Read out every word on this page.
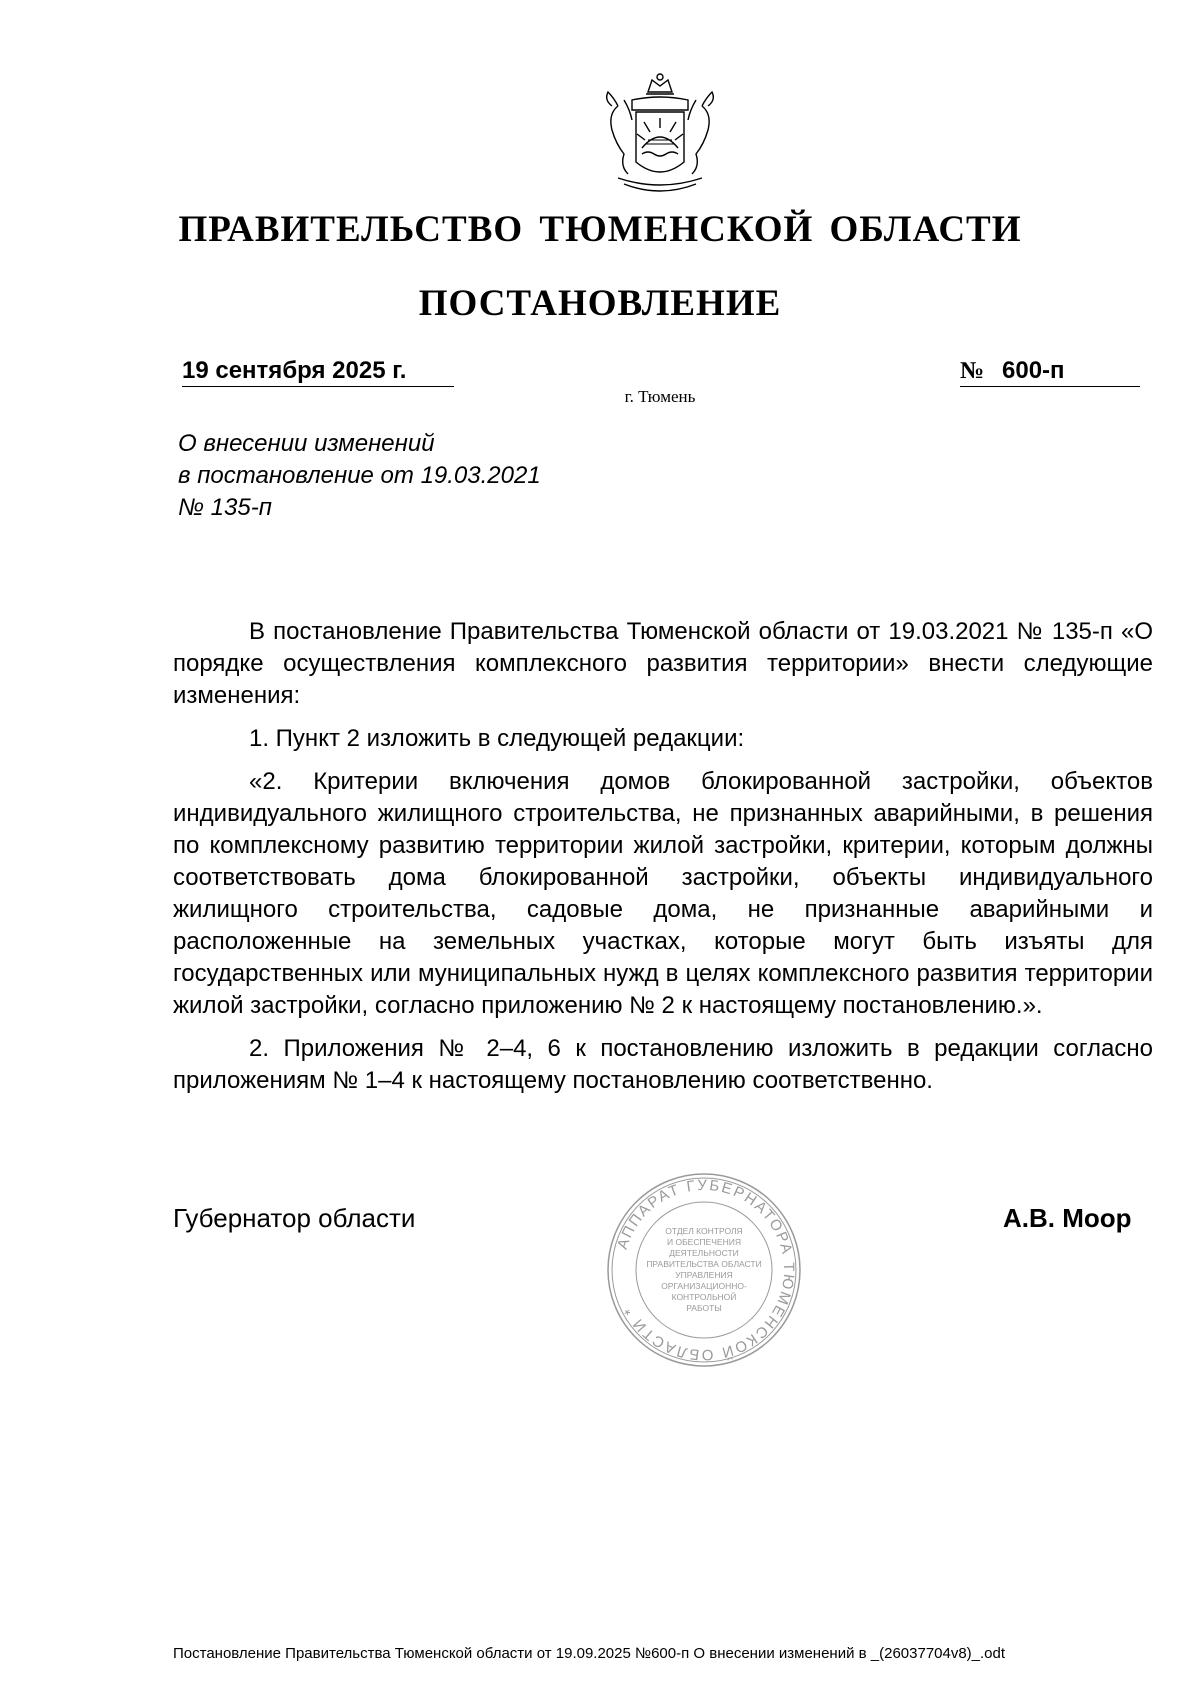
ПРАВИТЕЛЬСТВО ТЮМЕНСКОЙ ОБЛАСТИ
ПОСТАНОВЛЕНИЕ
19 сентября 2025 г.	№ 600-п
г. Тюмень
О внесении изменений
в постановление от 19.03.2021
№ 135-п

В постановление Правительства Тюменской области от 19.03.2021 № 135-п «О порядке осуществления комплексного развития территории» внести следующие изменения:

1. Пункт 2 изложить в следующей редакции:

«2. Критерии включения домов блокированной застройки, объектов индивидуального жилищного строительства, не признанных аварийными, в решения по комплексному развитию территории жилой застройки, критерии, которым должны соответствовать дома блокированной застройки, объекты индивидуального жилищного строительства, садовые дома, не признанные аварийными и расположенные на земельных участках, которые могут быть изъяты для государственных или муниципальных нужд в целях комплексного развития территории жилой застройки, согласно приложению № 2 к настоящему постановлению.».

2. Приложения № 2–4, 6 к постановлению изложить в редакции согласно приложениям № 1–4 к настоящему постановлению соответственно.

Губернатор области
АППАРАТ ГУБЕРНАТОРА ТЮМЕНСКОЙ ОБЛАСТИ *
ОТДЕЛ КОНТРОЛЯ
И ОБЕСПЕЧЕНИЯ
ДЕЯТЕЛЬНОСТИ
ПРАВИТЕЛЬСТВА ОБЛАСТИ
УПРАВЛЕНИЯ
ОРГАНИЗАЦИОННО-
КОНТРОЛЬНОЙ
РАБОТЫ
А.В. Моор
Постановление Правительства Тюменской области от 19.09.2025 №600-п О внесении изменений в _(26037704v8)_.odt
